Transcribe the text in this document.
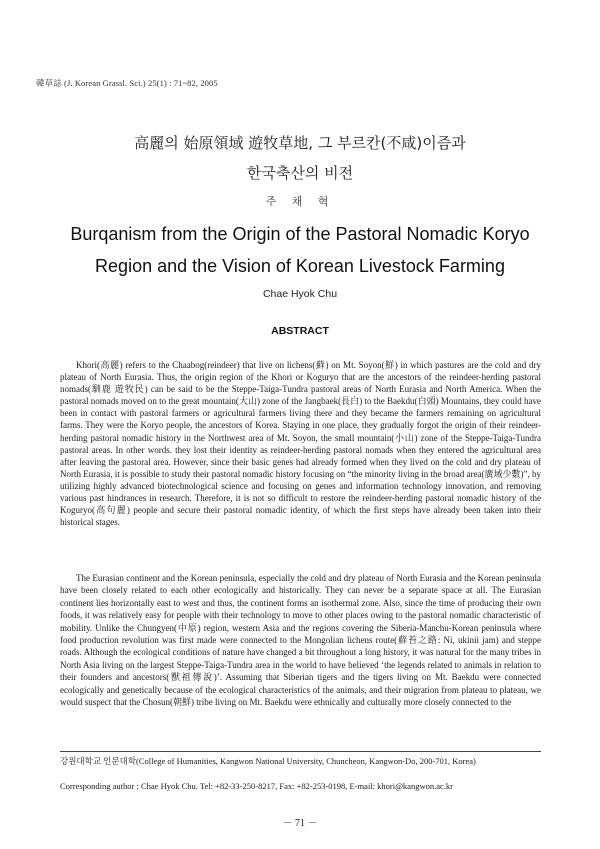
韓草誌 (J. Korean Grassl. Sci.) 25(1) : 71~82, 2005
高麗의 始原領域 遊牧草地, 그 부르칸(不咸)이즘과
한국축산의 비전
주 채 혁
Burqanism from the Origin of the Pastoral Nomadic Koryo
Region and the Vision of Korean Livestock Farming
Chae Hyok Chu
ABSTRACT

Khori(高麗) refers to the Chaabog(reindeer) that live on lichens(蘚) on Mt. Soyon(鮮) in which pastures are the cold and dry plateau of North Eurasia. Thus, the origin region of the Khori or Koguryo that are the ancestors of the reindeer-herding pastoral nomads(馴鹿 遊牧民) can be said to be the Steppe-Taiga-Tundra pastoral areas of North Eurasia and North America. When the pastoral nomads moved on to the great mountain(大山) zone of the Jangbaek(長白) to the Baekdu(白頭) Mountains, they could have been in contact with pastoral farmers or agricultural farmers living there and they became the farmers remaining on agricultural farms. They were the Koryo people, the ancestors of Korea. Staying in one place, they gradually forgot the origin of their reindeer-herding pastoral nomadic history in the Northwest area of Mt. Soyon, the small mountain(小山) zone of the Steppe-Taiga-Tundra pastoral areas. In other words. they lost their identity as reindeer-herding pastoral nomads when they entered the agricultural area after leaving the pastoral area. However, since their basic genes had already formed when they lived on the cold and dry plateau of North Eurasia, it is possible to study their pastoral nomadic history focusing on “the minority living in the broad area(廣域少數)”, by utilizing highly advanced biotechnological science and focusing on genes and information technology innovation, and removing various past hindrances in research. Therefore, it is not so difficult to restore the reindeer-herding pastoral nomadic history of the Koguryo(高句麗) people and secure their pastoral nomadic identity, of which the first steps have already been taken into their historical stages.

The Eurasian continent and the Korean peninsula, especially the cold and dry plateau of North Eurasia and the Korean peninsula have been closely related to each other ecologically and historically. They can never be a separate space at all. The Eurasian continent lies horizontally east to west and thus, the continent forms an isothermal zone. Also, since the time of producing their own foods, it was relatively easy for people with their technology to move to other places owing to the pastoral nomadic characteristic of mobility. Unlike the Chungyen(中原) region, western Asia and the regions covering the Siberia-Manchu-Korean peninsula where food production revolution was first made were connected to the Mongolian lichens route(蘚苔之路: Ni, ukinii jam) and steppe roads. Although the ecological conditions of nature have changed a bit throughout a long history, it was natural for the many tribes in North Asia living on the largest Steppe-Taiga-Tundra area in the world to have believed ‘the legends related to animals in relation to their founders and ancestors(獸祖傳說)’. Assuming that Siberian tigers and the tigers living on Mt. Baekdu were connected ecologically and genetically because of the ecological characteristics of the animals, and their migration from plateau to plateau, we would suspect that the Chosun(朝鮮) tribe living on Mt. Baekdu were ethnically and culturally more closely connected to the

강원대학교 인문대학(College of Humanities, Kangwon National University, Chuncheon, Kangwon-Do, 200-701, Korea)
Corresponding author : Chae Hyok Chu. Tel: +82-33-250-8217, Fax: +82-253-0198, E-mail: khori@kangwon.ac.kr
－ 71 －
